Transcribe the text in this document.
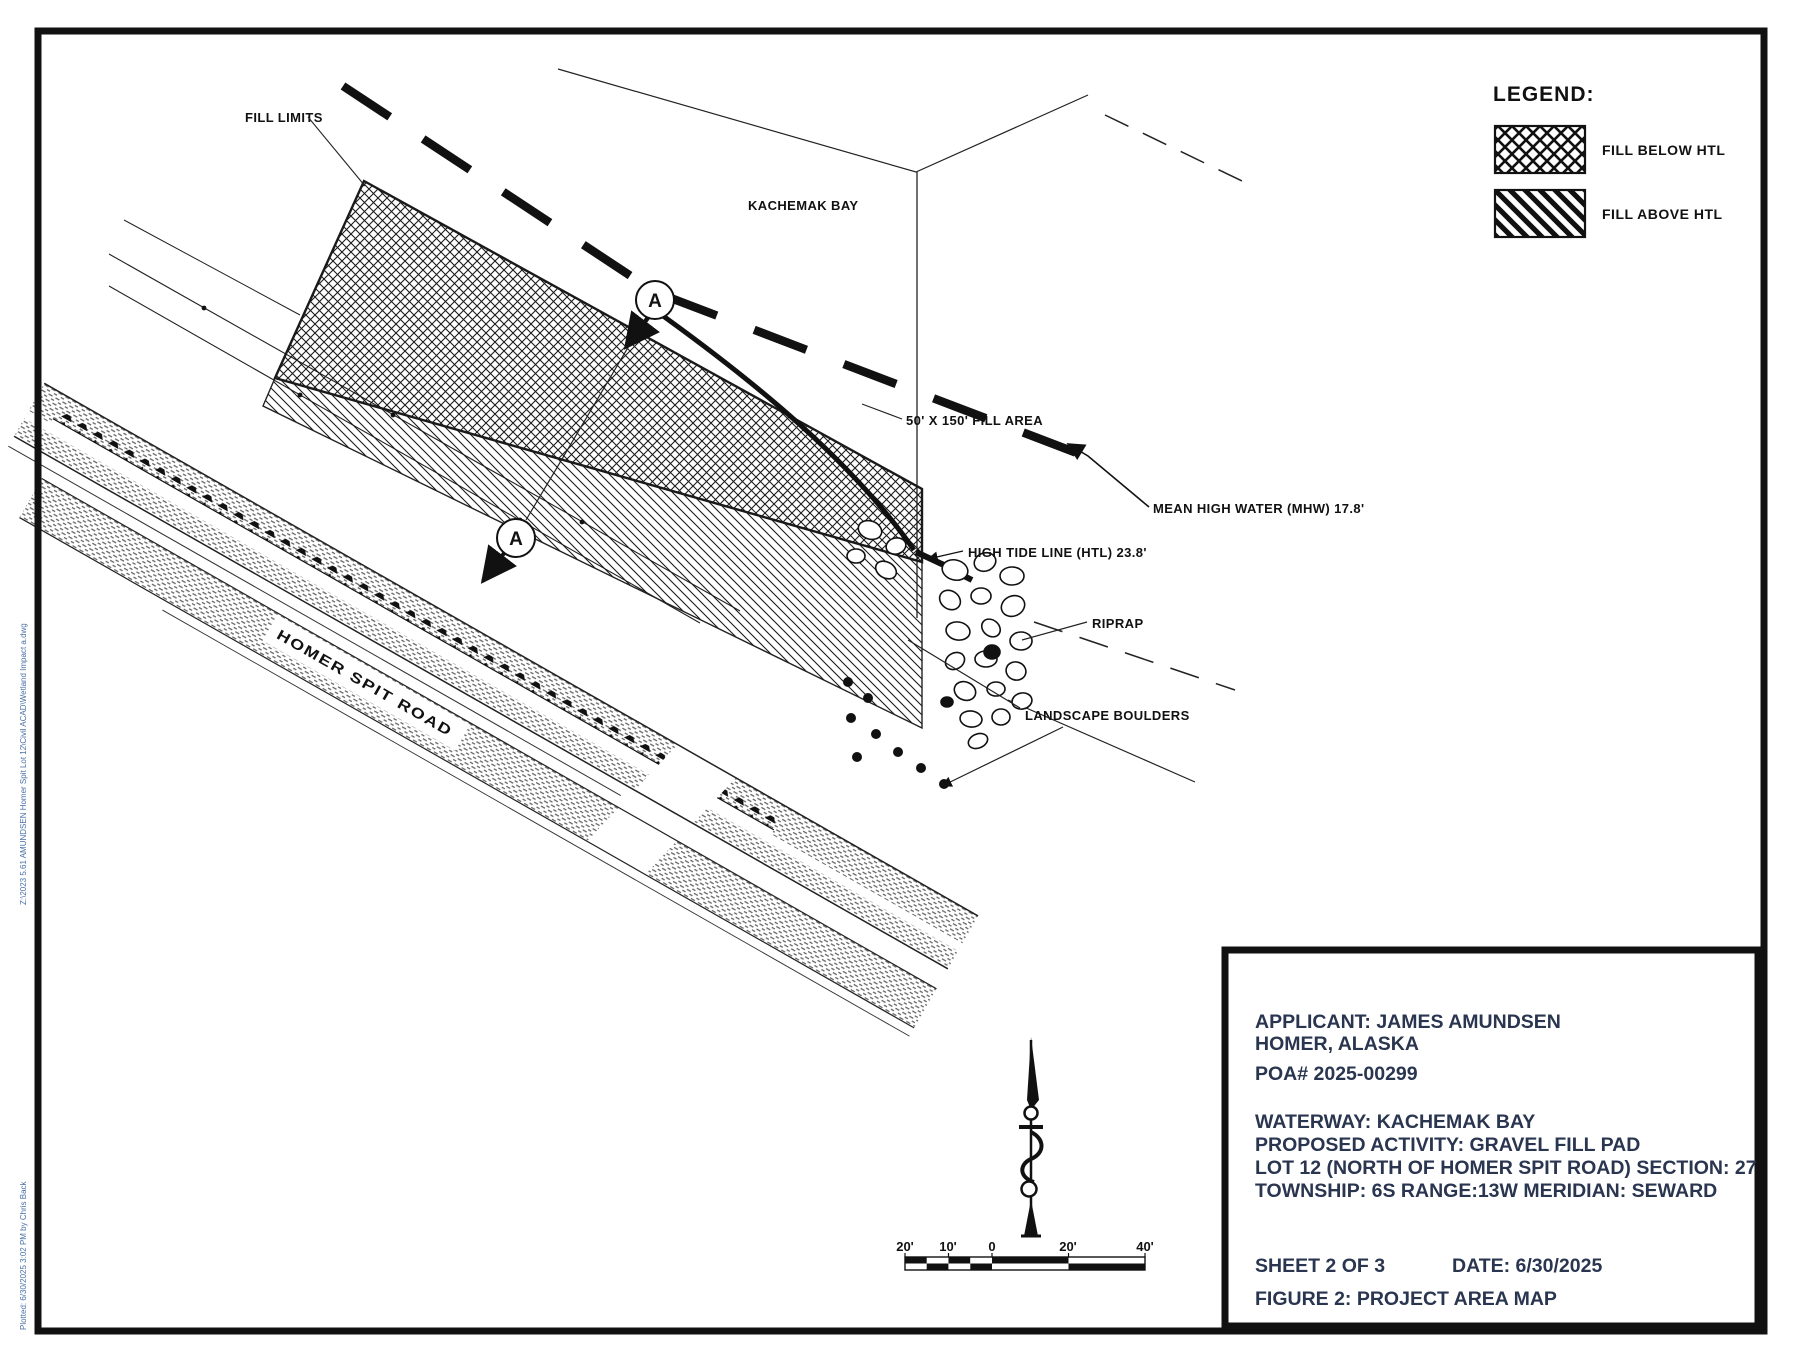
HOMER SPIT ROAD
A
A
FILL LIMITS
KACHEMAK BAY
50' X 150' FILL AREA
MEAN HIGH WATER (MHW) 17.8'
HIGH TIDE LINE (HTL) 23.8'
RIPRAP
LANDSCAPE BOULDERS
LEGEND:
FILL BELOW HTL
FILL ABOVE HTL
20' 10' 0	20'	40'
APPLICANT: JAMES AMUNDSEN
HOMER, ALASKA
POA# 2025-00299
WATERWAY: KACHEMAK BAY
PROPOSED ACTIVITY: GRAVEL FILL PAD
LOT 12 (NORTH OF HOMER SPIT ROAD) SECTION: 27
TOWNSHIP: 6S RANGE:13W MERIDIAN: SEWARD
SHEET 2 OF 3	DATE: 6/30/2025
FIGURE 2: PROJECT AREA MAP
Z:\2023 5.61 AMUNDSEN Homer Spit Lot 12\Civil ACAD\Wetland Impact a.dwg
Plotted: 6/30/2025 3:02 PM by Chris Back
